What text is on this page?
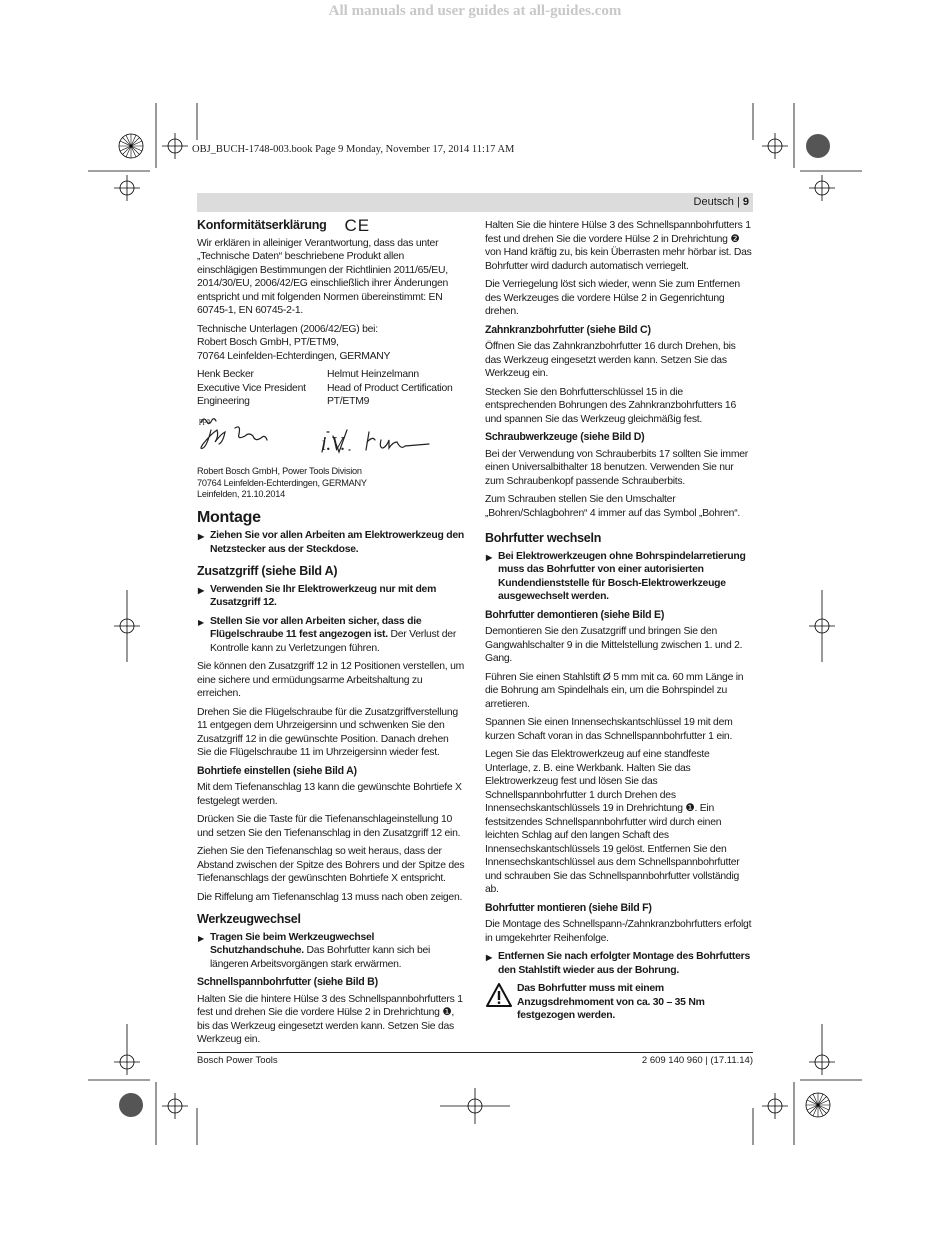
All manuals and user guides at all-guides.com
OBJ_BUCH-1748-003.book Page 9 Monday, November 17, 2014 11:17 AM
Deutsch | 9
Konformitätserklärung CE

Wir erklären in alleiniger Verantwortung, dass das unter „Technische Daten“ beschriebene Produkt allen einschlägigen Bestimmungen der Richtlinien 2011/65/EU, 2014/30/EU, 2006/42/EG einschließlich ihrer Änderungen entspricht und mit folgenden Normen übereinstimmt: EN 60745-1, EN 60745-2-1.

Technische Unterlagen (2006/42/EG) bei:
Robert Bosch GmbH, PT/ETM9,
70764 Leinfelden-Echterdingen, GERMANY

Henk Becker
Executive Vice President
Engineering
Helmut Heinzelmann
Head of Product Certification
PT/ETM9
ppa.
i.V.

Robert Bosch GmbH, Power Tools Division
70764 Leinfelden-Echterdingen, GERMANY
Leinfelden, 21.10.2014

Montage
▶ Ziehen Sie vor allen Arbeiten am Elektrowerkzeug den Netzstecker aus der Steckdose.
Zusatzgriff (siehe Bild A)
▶ Verwenden Sie Ihr Elektrowerkzeug nur mit dem Zusatzgriff 12.
▶ Stellen Sie vor allen Arbeiten sicher, dass die Flügelschraube 11 fest angezogen ist. Der Verlust der Kontrolle kann zu Verletzungen führen.

Sie können den Zusatzgriff 12 in 12 Positionen verstellen, um eine sichere und ermüdungsarme Arbeitshaltung zu erreichen.

Drehen Sie die Flügelschraube für die Zusatzgriffverstellung 11 entgegen dem Uhrzeigersinn und schwenken Sie den Zusatzgriff 12 in die gewünschte Position. Danach drehen Sie die Flügelschraube 11 im Uhrzeigersinn wieder fest.

Bohrtiefe einstellen (siehe Bild A)

Mit dem Tiefenanschlag 13 kann die gewünschte Bohrtiefe X festgelegt werden.

Drücken Sie die Taste für die Tiefenanschlageinstellung 10 und setzen Sie den Tiefenanschlag in den Zusatzgriff 12 ein.

Ziehen Sie den Tiefenanschlag so weit heraus, dass der Abstand zwischen der Spitze des Bohrers und der Spitze des Tiefenanschlags der gewünschten Bohrtiefe X entspricht.

Die Riffelung am Tiefenanschlag 13 muss nach oben zeigen.

Werkzeugwechsel
▶ Tragen Sie beim Werkzeugwechsel Schutzhandschuhe. Das Bohrfutter kann sich bei längeren Arbeitsvorgängen stark erwärmen.
Schnellspannbohrfutter (siehe Bild B)

Halten Sie die hintere Hülse 3 des Schnellspannbohrfutters 1 fest und drehen Sie die vordere Hülse 2 in Drehrichtung ❶, bis das Werkzeug eingesetzt werden kann. Setzen Sie das Werkzeug ein.

Halten Sie die hintere Hülse 3 des Schnellspannbohrfutters 1 fest und drehen Sie die vordere Hülse 2 in Drehrichtung ❷ von Hand kräftig zu, bis kein Überrasten mehr hörbar ist. Das Bohrfutter wird dadurch automatisch verriegelt.

Die Verriegelung löst sich wieder, wenn Sie zum Entfernen des Werkzeuges die vordere Hülse 2 in Gegenrichtung drehen.

Zahnkranzbohrfutter (siehe Bild C)

Öffnen Sie das Zahnkranzbohrfutter 16 durch Drehen, bis das Werkzeug eingesetzt werden kann. Setzen Sie das Werkzeug ein.

Stecken Sie den Bohrfutterschlüssel 15 in die entsprechenden Bohrungen des Zahnkranzbohrfutters 16 und spannen Sie das Werkzeug gleichmäßig fest.

Schraubwerkzeuge (siehe Bild D)

Bei der Verwendung von Schrauberbits 17 sollten Sie immer einen Universalbithalter 18 benutzen. Verwenden Sie nur zum Schraubenkopf passende Schrauberbits.

Zum Schrauben stellen Sie den Umschalter „Bohren/Schlagbohren“ 4 immer auf das Symbol „Bohren“.

Bohrfutter wechseln
▶ Bei Elektrowerkzeugen ohne Bohrspindelarretierung muss das Bohrfutter von einer autorisierten Kundendienststelle für Bosch-Elektrowerkzeuge ausgewechselt werden.
Bohrfutter demontieren (siehe Bild E)

Demontieren Sie den Zusatzgriff und bringen Sie den Gangwahlschalter 9 in die Mittelstellung zwischen 1. und 2. Gang.

Führen Sie einen Stahlstift Ø 5 mm mit ca. 60 mm Länge in die Bohrung am Spindelhals ein, um die Bohrspindel zu arretieren.

Spannen Sie einen Innensechskantschlüssel 19 mit dem kurzen Schaft voran in das Schnellspannbohrfutter 1 ein.

Legen Sie das Elektrowerkzeug auf eine standfeste Unterlage, z. B. eine Werkbank. Halten Sie das Elektrowerkzeug fest und lösen Sie das Schnellspannbohrfutter 1 durch Drehen des Innensechskantschlüssels 19 in Drehrichtung ❶. Ein festsitzendes Schnellspannbohrfutter wird durch einen leichten Schlag auf den langen Schaft des Innensechskantschlüssels 19 gelöst. Entfernen Sie den Innensechskantschlüssel aus dem Schnellspannbohrfutter und schrauben Sie das Schnellspannbohrfutter vollständig ab.

Bohrfutter montieren (siehe Bild F)

Die Montage des Schnellspann-/Zahnkranzbohrfutters erfolgt in umgekehrter Reihenfolge.

▶ Entfernen Sie nach erfolgter Montage des Bohrfutters den Stahlstift wieder aus der Bohrung.
Das Bohrfutter muss mit einem Anzugsdrehmoment von ca. 30 – 35 Nm festgezogen werden.
Bosch Power Tools	2 609 140 960 | (17.11.14)
